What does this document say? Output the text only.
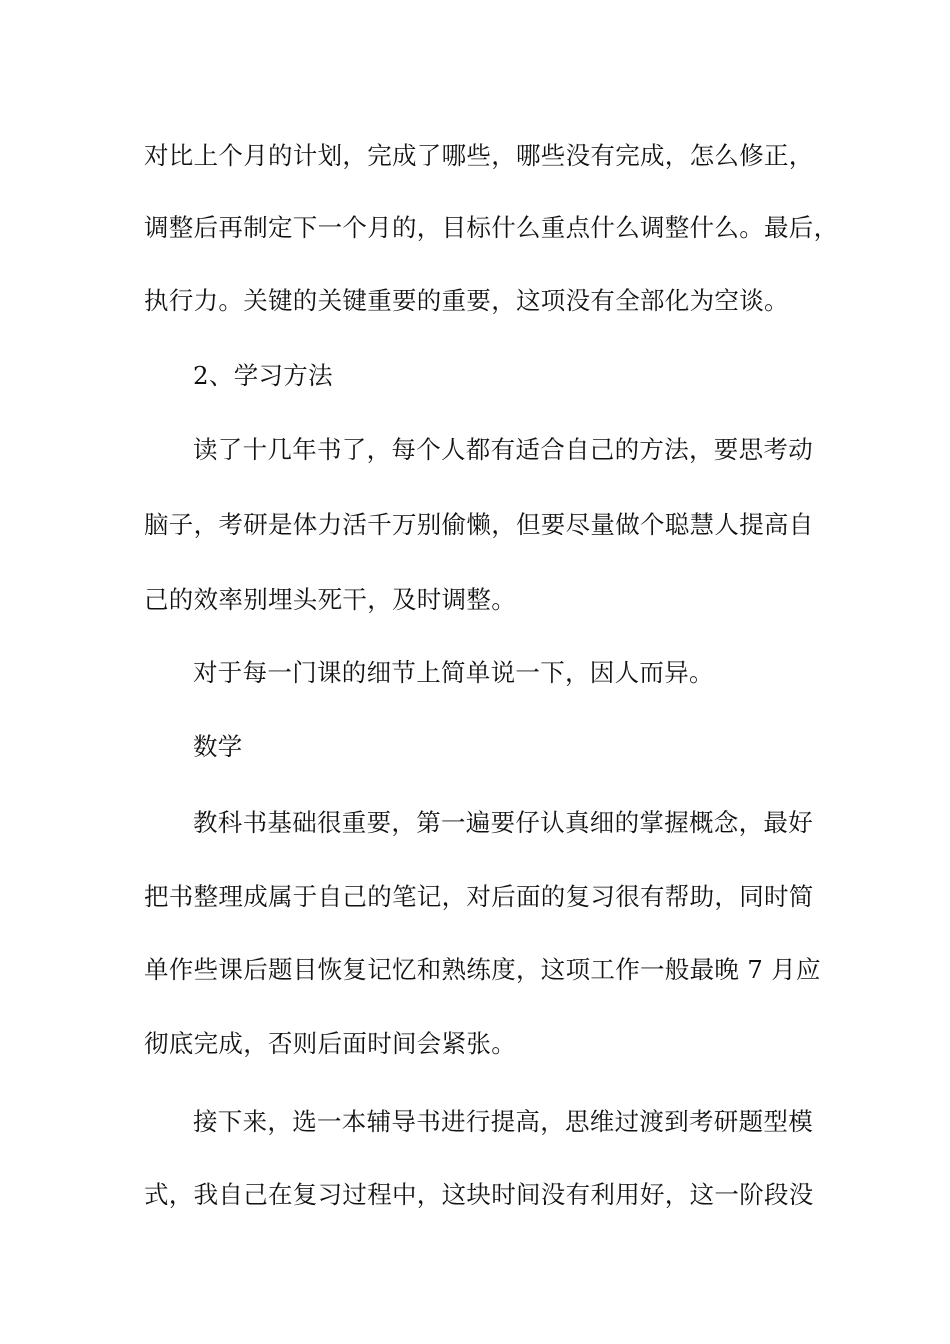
对比上个月的计划，完成了哪些，哪些没有完成，怎么修正，
调整后再制定下一个月的，目标什么重点什么调整什么。最后，
执行力。关键的关键重要的重要，这项没有全部化为空谈。
2、学习方法
读了十几年书了，每个人都有适合自己的方法，要思考动
脑子，考研是体力活千万别偷懒，但要尽量做个聪慧人提高自
己的效率别埋头死干，及时调整。
对于每一门课的细节上简单说一下，因人而异。
数学
教科书基础很重要，第一遍要仔认真细的掌握概念，最好
把书整理成属于自己的笔记，对后面的复习很有帮助，同时简
单作些课后题目恢复记忆和熟练度，这项工作一般最晚 7 月应
彻底完成，否则后面时间会紧张。
接下来，选一本辅导书进行提高，思维过渡到考研题型模
式，我自己在复习过程中，这块时间没有利用好，这一阶段没
